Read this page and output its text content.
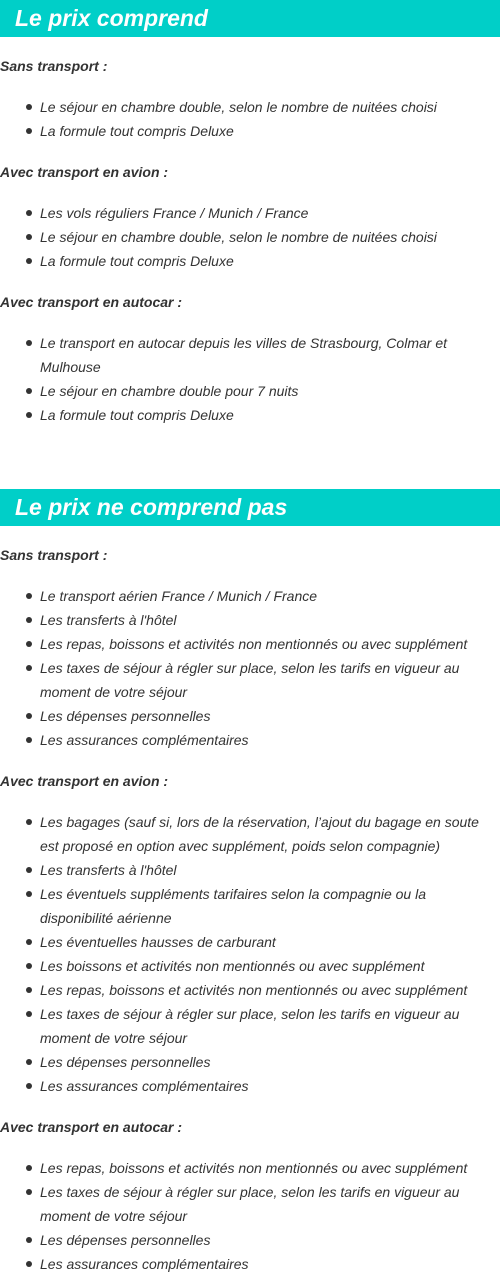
Le prix comprend
Sans transport :
Le séjour en chambre double, selon le nombre de nuitées choisi
La formule tout compris Deluxe
Avec transport en avion :
Les vols réguliers France / Munich / France
Le séjour en chambre double, selon le nombre de nuitées choisi
La formule tout compris Deluxe
Avec transport en autocar :
Le transport en autocar depuis les villes de Strasbourg, Colmar et Mulhouse
Le séjour en chambre double pour 7 nuits
La formule tout compris Deluxe
Le prix ne comprend pas
Sans transport :
Le transport aérien France / Munich / France
Les transferts à l'hôtel
Les repas, boissons et activités non mentionnés ou avec supplément
Les taxes de séjour à régler sur place, selon les tarifs en vigueur au moment de votre séjour
Les dépenses personnelles
Les assurances complémentaires
Avec transport en avion :
Les bagages (sauf si, lors de la réservation, l’ajout du bagage en soute est proposé en option avec supplément, poids selon compagnie)
Les transferts à l'hôtel
Les éventuels suppléments tarifaires selon la compagnie ou la disponibilité aérienne
Les éventuelles hausses de carburant
Les boissons et activités non mentionnés ou avec supplément
Les repas, boissons et activités non mentionnés ou avec supplément
Les taxes de séjour à régler sur place, selon les tarifs en vigueur au moment de votre séjour
Les dépenses personnelles
Les assurances complémentaires
Avec transport en autocar :
Les repas, boissons et activités non mentionnés ou avec supplément
Les taxes de séjour à régler sur place, selon les tarifs en vigueur au moment de votre séjour
Les dépenses personnelles
Les assurances complémentaires
